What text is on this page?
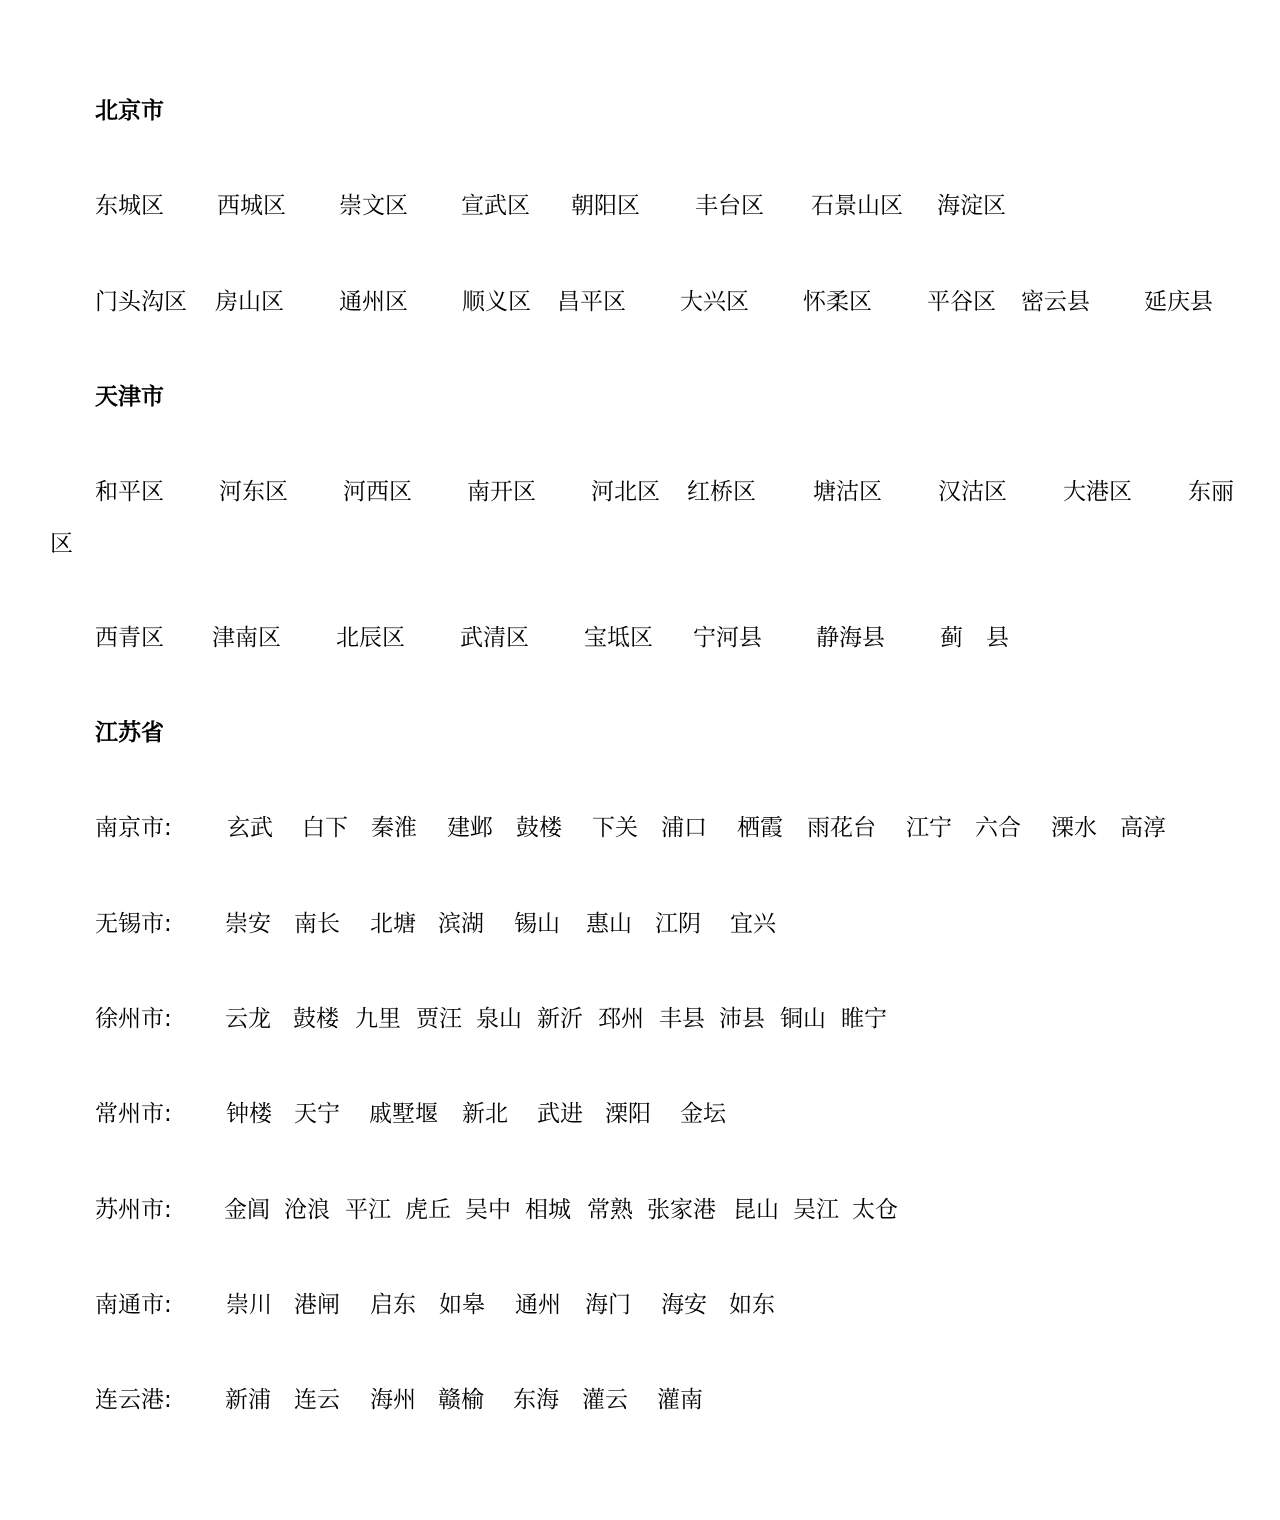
北京市
东城区 西城区 崇文区 宣武区 朝阳区 丰台区 石景山区 海淀区
门头沟区 房山区 通州区 顺义区 昌平区 大兴区 怀柔区 平谷区 密云县 延庆县
天津市
和平区 河东区 河西区 南开区 河北区 红桥区 塘沽区 汉沽区 大港区 东丽
区
西青区 津南区 北辰区 武清区 宝坻区 宁河县 静海县 蓟 县
江苏省
南京市: 玄武 白下 秦淮 建邺 鼓楼 下关 浦口 栖霞 雨花台 江宁 六合 溧水 高淳
无锡市: 崇安 南长 北塘 滨湖 锡山 惠山 江阴 宜兴
徐州市: 云龙 鼓楼 九里 贾汪 泉山 新沂 邳州 丰县 沛县 铜山 睢宁
常州市: 钟楼 天宁 戚墅堰 新北 武进 溧阳 金坛
苏州市: 金阊 沧浪 平江 虎丘 吴中 相城 常熟 张家港 昆山 吴江 太仓
南通市: 崇川 港闸 启东 如皋 通州 海门 海安 如东
连云港: 新浦 连云 海州 赣榆 东海 灌云 灌南
